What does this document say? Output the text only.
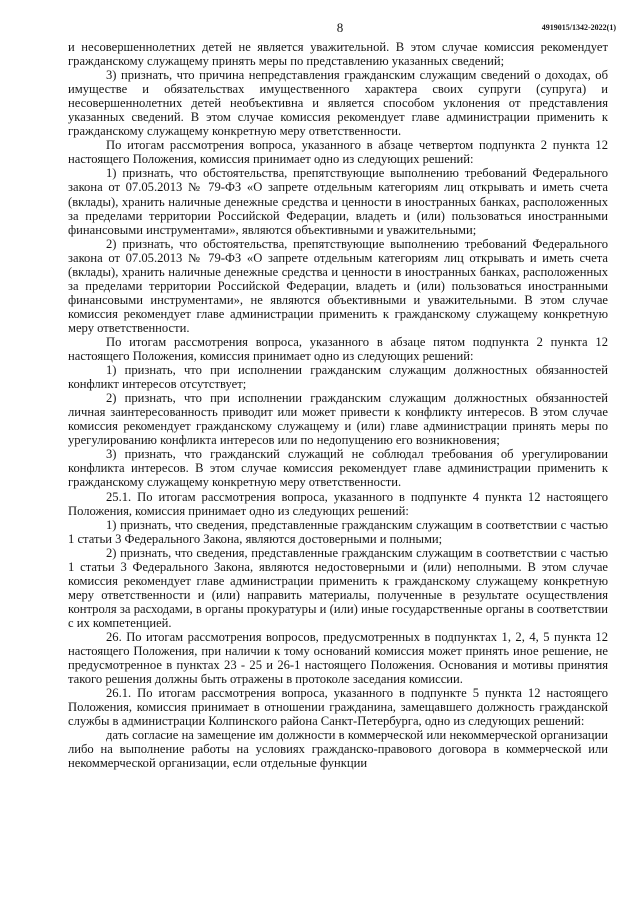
8	4919015/1342-2022(1)

и несовершеннолетних детей не является уважительной. В этом случае комиссия рекомендует гражданскому служащему принять меры по представлению указанных сведений;

3) признать, что причина непредставления гражданским служащим сведений о доходах, об имуществе и обязательствах имущественного характера своих супруги (супруга) и несовершеннолетних детей необъективна и является способом уклонения от представления указанных сведений. В этом случае комиссия рекомендует главе администрации применить к гражданскому служащему конкретную меру ответственности.

По итогам рассмотрения вопроса, указанного в абзаце четвертом подпункта 2 пункта 12 настоящего Положения, комиссия принимает одно из следующих решений:

1) признать, что обстоятельства, препятствующие выполнению требований Федерального закона от 07.05.2013 № 79-ФЗ «О запрете отдельным категориям лиц открывать и иметь счета (вклады), хранить наличные денежные средства и ценности в иностранных банках, расположенных за пределами территории Российской Федерации, владеть и (или) пользоваться иностранными финансовыми инструментами», являются объективными и уважительными;

2) признать, что обстоятельства, препятствующие выполнению требований Федерального закона от 07.05.2013 № 79-ФЗ «О запрете отдельным категориям лиц открывать и иметь счета (вклады), хранить наличные денежные средства и ценности в иностранных банках, расположенных за пределами территории Российской Федерации, владеть и (или) пользоваться иностранными финансовыми инструментами», не являются объективными и уважительными. В этом случае комиссия рекомендует главе администрации применить к гражданскому служащему конкретную меру ответственности.

По итогам рассмотрения вопроса, указанного в абзаце пятом подпункта 2 пункта 12 настоящего Положения, комиссия принимает одно из следующих решений:

1) признать, что при исполнении гражданским служащим должностных обязанностей конфликт интересов отсутствует;

2) признать, что при исполнении гражданским служащим должностных обязанностей личная заинтересованность приводит или может привести к конфликту интересов. В этом случае комиссия рекомендует гражданскому служащему и (или) главе администрации принять меры по урегулированию конфликта интересов или по недопущению его возникновения;

3) признать, что гражданский служащий не соблюдал требования об урегулировании конфликта интересов. В этом случае комиссия рекомендует главе администрации применить к гражданскому служащему конкретную меру ответственности.

25.1. По итогам рассмотрения вопроса, указанного в подпункте 4 пункта 12 настоящего Положения, комиссия принимает одно из следующих решений:

1) признать, что сведения, представленные гражданским служащим в соответствии с частью 1 статьи 3 Федерального Закона, являются достоверными и полными;

2) признать, что сведения, представленные гражданским служащим в соответствии с частью 1 статьи 3 Федерального Закона, являются недостоверными и (или) неполными. В этом случае комиссия рекомендует главе администрации применить к гражданскому служащему конкретную меру ответственности и (или) направить материалы, полученные в результате осуществления контроля за расходами, в органы прокуратуры и (или) иные государственные органы в соответствии с их компетенцией.

26. По итогам рассмотрения вопросов, предусмотренных в подпунктах 1, 2, 4, 5 пункта 12 настоящего Положения, при наличии к тому оснований комиссия может принять иное решение, не предусмотренное в пунктах 23 - 25 и 26-1 настоящего Положения. Основания и мотивы принятия такого решения должны быть отражены в протоколе заседания комиссии.

26.1. По итогам рассмотрения вопроса, указанного в подпункте 5 пункта 12 настоящего Положения, комиссия принимает в отношении гражданина, замещавшего должность гражданской службы в администрации Колпинского района Санкт-Петербурга, одно из следующих решений:

дать согласие на замещение им должности в коммерческой или некоммерческой организации либо на выполнение работы на условиях гражданско-правового договора в коммерческой или некоммерческой организации, если отдельные функции
